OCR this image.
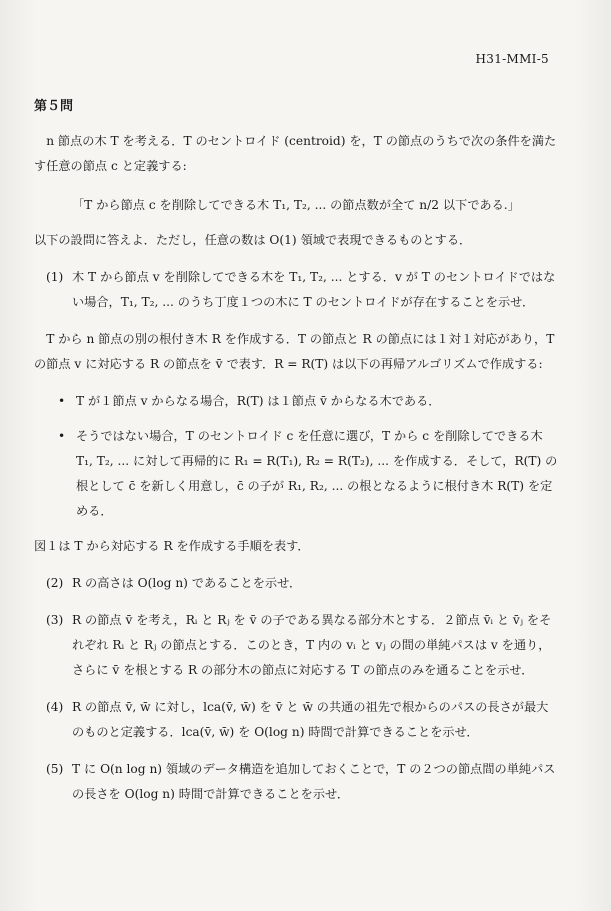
H31-MMI-5
第５問

n 節点の木 T を考える．T のセントロイド (centroid) を，T の節点のうちで次の条件を満たす任意の節点 c と定義する:

「T から節点 c を削除してできる木 T₁, T₂, ... の節点数が全て n/2 以下である.」

以下の設問に答えよ．ただし，任意の数は O(1) 領域で表現できるものとする．

(1) 木 T から節点 v を削除してできる木を T₁, T₂, ... とする．v が T のセントロイドではない場合，T₁, T₂, ... のうち丁度１つの木に T のセントロイドが存在することを示せ．

T から n 節点の別の根付き木 R を作成する．T の節点と R の節点には１対１対応があり，T の節点 v に対応する R の節点を v̄ で表す．R = R(T) は以下の再帰アルゴリズムで作成する:

• T が１節点 v からなる場合，R(T) は１節点 v̄ からなる木である．
• そうではない場合，T のセントロイド c を任意に選び，T から c を削除してできる木 T₁, T₂, ... に対して再帰的に R₁ = R(T₁), R₂ = R(T₂), ... を作成する．そして，R(T) の根として c̄ を新しく用意し，c̄ の子が R₁, R₂, ... の根となるように根付き木 R(T) を定める．

図１は T から対応する R を作成する手順を表す．

(2) R の高さは O(log n) であることを示せ．
(3) R の節点 v̄ を考え，Rᵢ と Rⱼ を v̄ の子である異なる部分木とする．２節点 v̄ᵢ と v̄ⱼ をそれぞれ Rᵢ と Rⱼ の節点とする．このとき，T 内の vᵢ と vⱼ の間の単純パスは v を通り，さらに v̄ を根とする R の部分木の節点に対応する T の節点のみを通ることを示せ．
(4) R の節点 v̄, w̄ に対し，lca(v̄, w̄) を v̄ と w̄ の共通の祖先で根からのパスの長さが最大のものと定義する．lca(v̄, w̄) を O(log n) 時間で計算できることを示せ．
(5) T に O(n log n) 領域のデータ構造を追加しておくことで，T の２つの節点間の単純パスの長さを O(log n) 時間で計算できることを示せ．
